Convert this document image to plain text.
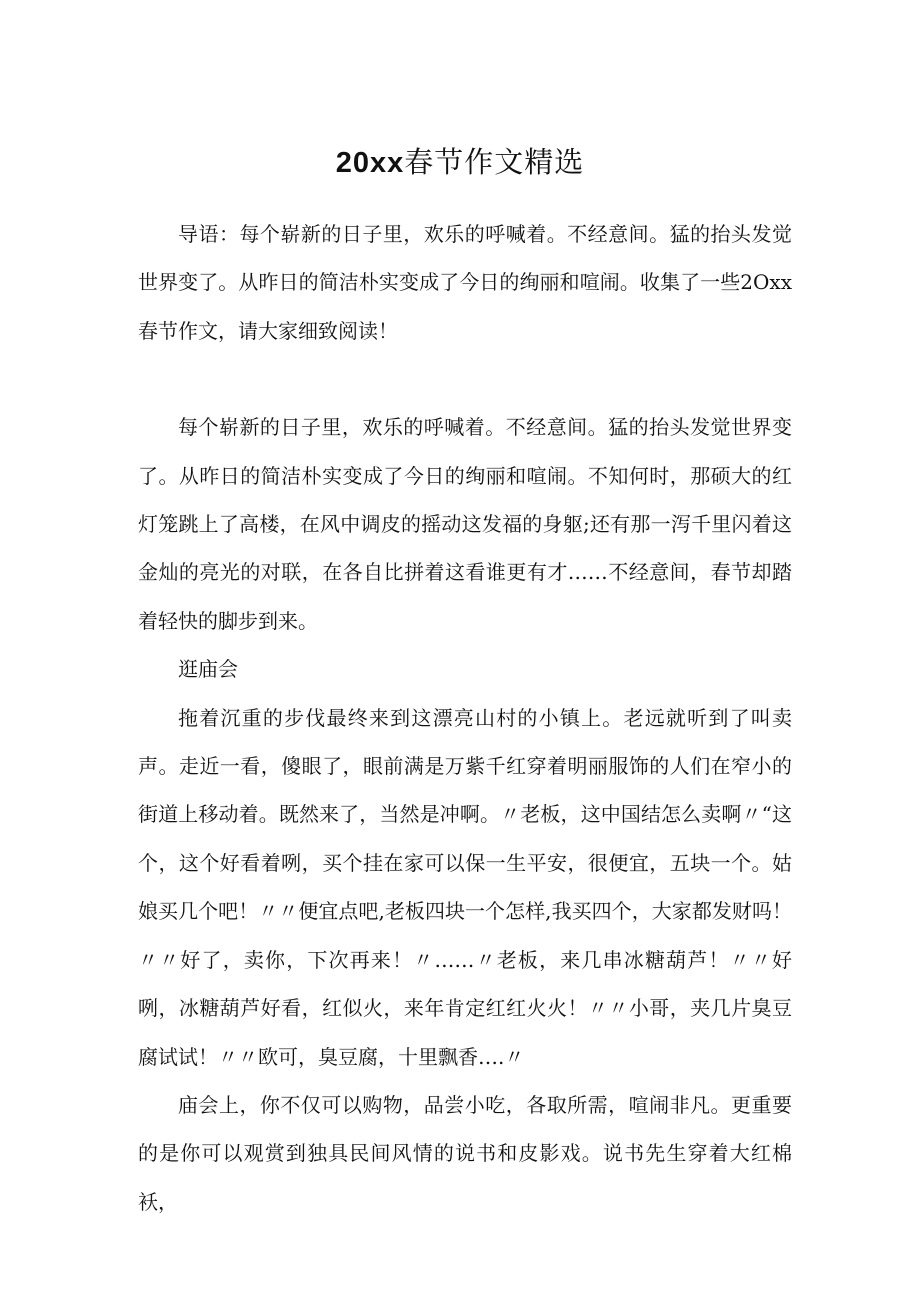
20xx春节作文精选

导语：每个崭新的日子里，欢乐的呼喊着。不经意间。猛的抬头发觉世界变了。从昨日的简洁朴实变成了今日的绚丽和喧闹。收集了一些2Oxx春节作文，请大家细致阅读！

每个崭新的日子里，欢乐的呼喊着。不经意间。猛的抬头发觉世界变了。从昨日的简洁朴实变成了今日的绚丽和喧闹。不知何时，那硕大的红灯笼跳上了高楼，在风中调皮的摇动这发福的身躯;还有那一泻千里闪着这金灿的亮光的对联，在各自比拼着这看谁更有才……不经意间，春节却踏着轻快的脚步到来。

逛庙会

拖着沉重的步伐最终来到这漂亮山村的小镇上。老远就听到了叫卖声。走近一看，傻眼了，眼前满是万紫千红穿着明丽服饰的人们在窄小的街道上移动着。既然来了，当然是冲啊。〃老板，这中国结怎么卖啊〃“这个，这个好看着咧，买个挂在家可以保一生平安，很便宜，五块一个。姑娘买几个吧！〃〃便宜点吧,老板四块一个怎样,我买四个，大家都发财吗！〃〃好了，卖你，下次再来！〃……〃老板，来几串冰糖葫芦！〃〃好咧，冰糖葫芦好看，红似火，来年肯定红红火火！〃〃小哥，夹几片臭豆腐试试！〃〃欧可，臭豆腐，十里飘香….〃

庙会上，你不仅可以购物，品尝小吃，各取所需，喧闹非凡。更重要的是你可以观赏到独具民间风情的说书和皮影戏。说书先生穿着大红棉袄，
